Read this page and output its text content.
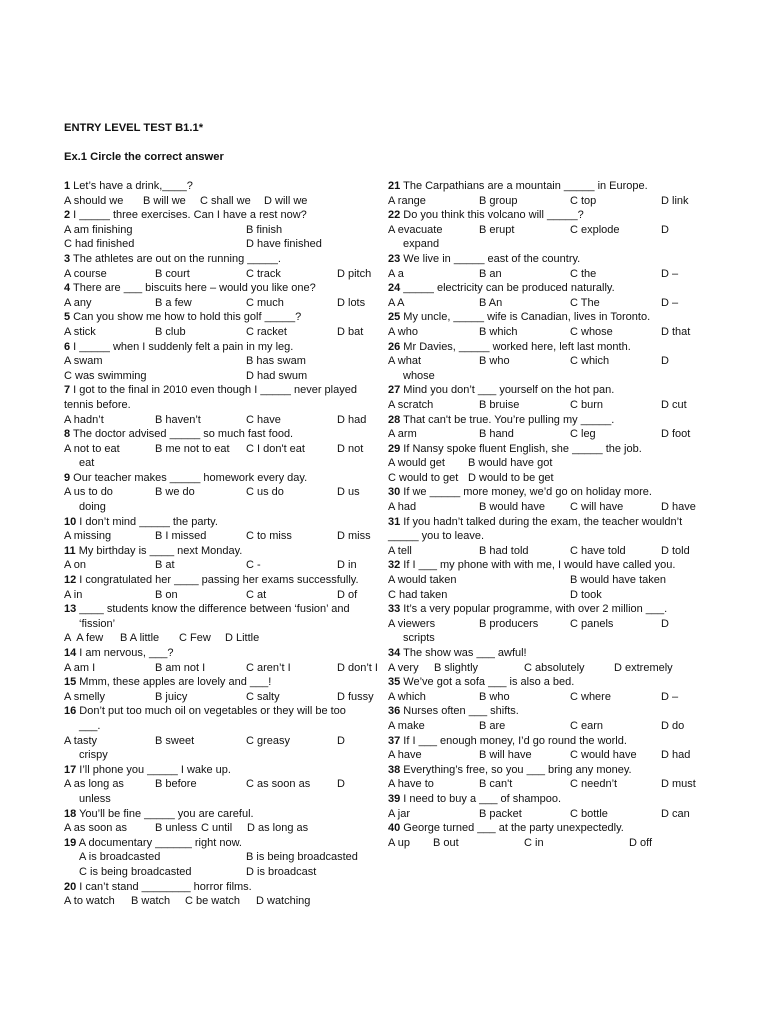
ENTRY LEVEL TEST B1.1*
Ex.1 Circle the correct answer
1 Let’s have a drink,____?
A should we	B will we	C shall we	D will we
2 I _____ three exercises. Can I have a rest now?
A am finishing	B finish
C had finished	D have finished
3 The athletes are out on the running _____.
A course	B court	C track	D pitch
4 There are ___ biscuits here – would you like one?
A any	B a few	C much	D lots
5 Can you show me how to hold this golf _____?
A stick	B club	C racket	D bat
6 I _____ when I suddenly felt a pain in my leg.
A swam	B has swam
C was swimming	D had swum
7 I got to the final in 2010 even though I _____ never played tennis before.
A hadn’t	B haven’t	C have	D had
8 The doctor advised _____ so much fast food.
A not to eat	B me not to eat	C I don't eat	D not
eat
9 Our teacher makes _____ homework every day.
A us to do	B we do	C us do	D us
doing
10 I don’t mind _____ the party.
A missing	B I missed	C to miss	D miss
11 My birthday is ____ next Monday.
A on	B at	C -	D in
12 I congratulated her ____ passing her exams successfully.
A in	B on	C at	D of
13 ____ students know the difference between ‘fusion’ and
‘fission’
A  A few	B A little	C Few	D Little
14 I am nervous, ___?
A am I	B am not I	C aren’t I	D don’t I
15 Mmm, these apples are lovely and ___!
A smelly	B juicy	C salty	D fussy
16 Don’t put too much oil on vegetables or they will be too
___.
A tasty	B sweet	C greasy	D
crispy
17 I’ll phone you _____ I wake up.
A as long as	B before	C as soon as	D
unless
18 You’ll be fine _____ you are careful.
A as soon as	B unless C until	D as long as
19 A documentary ______ right now.
A is broadcasted	B is being broadcasted
C is being broadcasted	D is broadcast
20 I can’t stand ________ horror films.
A to watch	B watch	C be watch	D watching
21 The Carpathians are a mountain _____ in Europe.
A range	B group	C top	D link
22 Do you think this volcano will _____?
A evacuate	B erupt	C explode	D
expand
23 We live in _____ east of the country.
A a	B an	C the	D –
24 _____ electricity can be produced naturally.
A A	B An	C The	D –
25 My uncle, _____ wife is Canadian, lives in Toronto.
A who	B which	C whose	D that
26 Mr Davies, _____ worked here, left last month.
A what	B who	C which	D
whose
27 Mind you don’t ___ yourself on the hot pan.
A scratch	B bruise	C burn	D cut
28 That can't be true. You’re pulling my _____.
A arm	B hand	C leg	D foot
29 If Nansy spoke fluent English, she _____ the job.
A would get	B would have got
C would to get D would to be get
30 If we _____ more money, we’d go on holiday more.
A had	B would have	C will have	D have
31 If you hadn’t talked during the exam, the teacher wouldn’t _____ you to leave.
A tell	B had told	C have told	D told
32 If I ___ my phone with with me, I would have called you.
A would taken	B would have taken
C had taken	D took
33 It’s a very popular programme, with over 2 million ___.
A viewers	B producers	C panels	D
scripts
34 The show was ___ awful!
A very	B slightly	C absolutely	D extremely
35 We’ve got a sofa ___ is also a bed.
A which	B who	C where	D –
36 Nurses often ___ shifts.
A make	B are	C earn	D do
37 If I ___ enough money, I’d go round the world.
A have	B will have	C would have	D had
38 Everything’s free, so you ___ bring any money.
A have to	B can't	C needn’t	D must
39 I need to buy a ___ of shampoo.
A jar	B packet	C bottle	D can
40 George turned ___ at the party unexpectedly.
A up	B out	C in	D off
